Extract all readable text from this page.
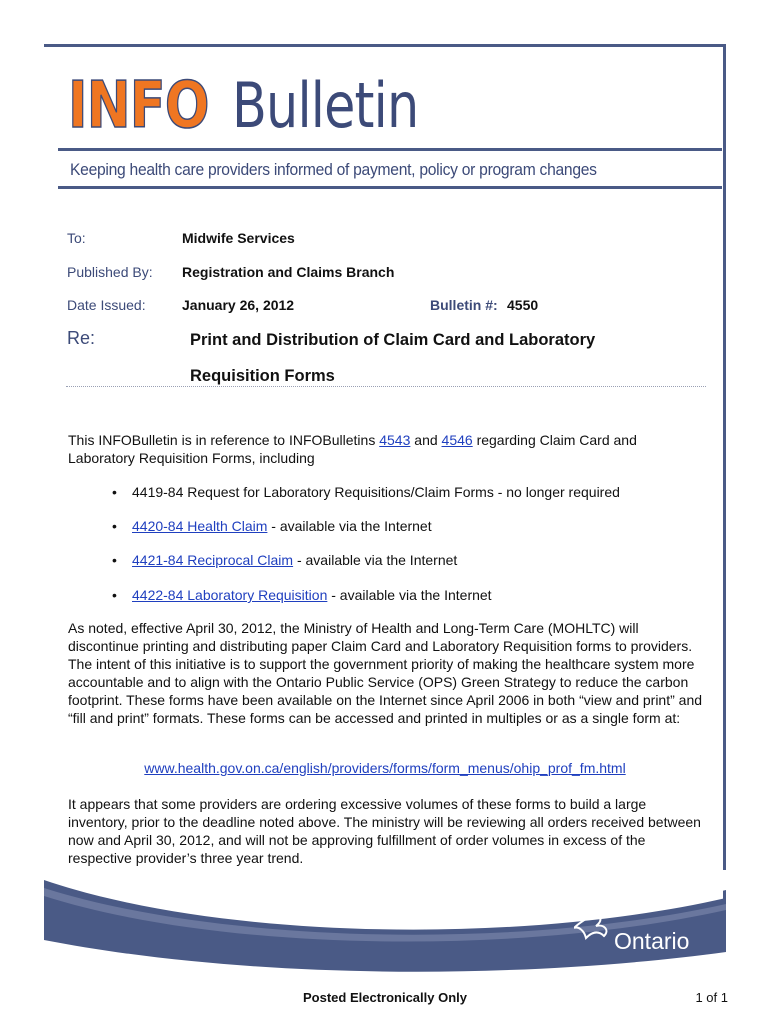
INFO Bulletin
Keeping health care providers informed of payment, policy or program changes
To:	Midwife Services
Published By: Registration and Claims Branch
Date Issued:	January 26, 2012	Bulletin #: 4550
Re:	Print and Distribution of Claim Card and Laboratory
Requisition Forms
This INFOBulletin is in reference to INFOBulletins 4543 and 4546 regarding Claim Card and Laboratory Requisition Forms, including
• 4419-84 Request for Laboratory Requisitions/Claim Forms - no longer required
• 4420-84 Health Claim - available via the Internet
• 4421-84 Reciprocal Claim - available via the Internet
• 4422-84 Laboratory Requisition - available via the Internet
As noted, effective April 30, 2012, the Ministry of Health and Long-Term Care (MOHLTC) will discontinue printing and distributing paper Claim Card and Laboratory Requisition forms to providers. The intent of this initiative is to support the government priority of making the healthcare system more accountable and to align with the Ontario Public Service (OPS) Green Strategy to reduce the carbon footprint. These forms have been available on the Internet since April 2006 in both “view and print” and “fill and print” formats. These forms can be accessed and printed in multiples or as a single form at:
www.health.gov.on.ca/english/providers/forms/form_menus/ohip_prof_fm.html
It appears that some providers are ordering excessive volumes of these forms to build a large inventory, prior to the deadline noted above. The ministry will be reviewing all orders received between now and April 30, 2012, and will not be approving fulfillment of order volumes in excess of the respective provider’s three year trend.
Ontario
Posted Electronically Only	1 of 1
